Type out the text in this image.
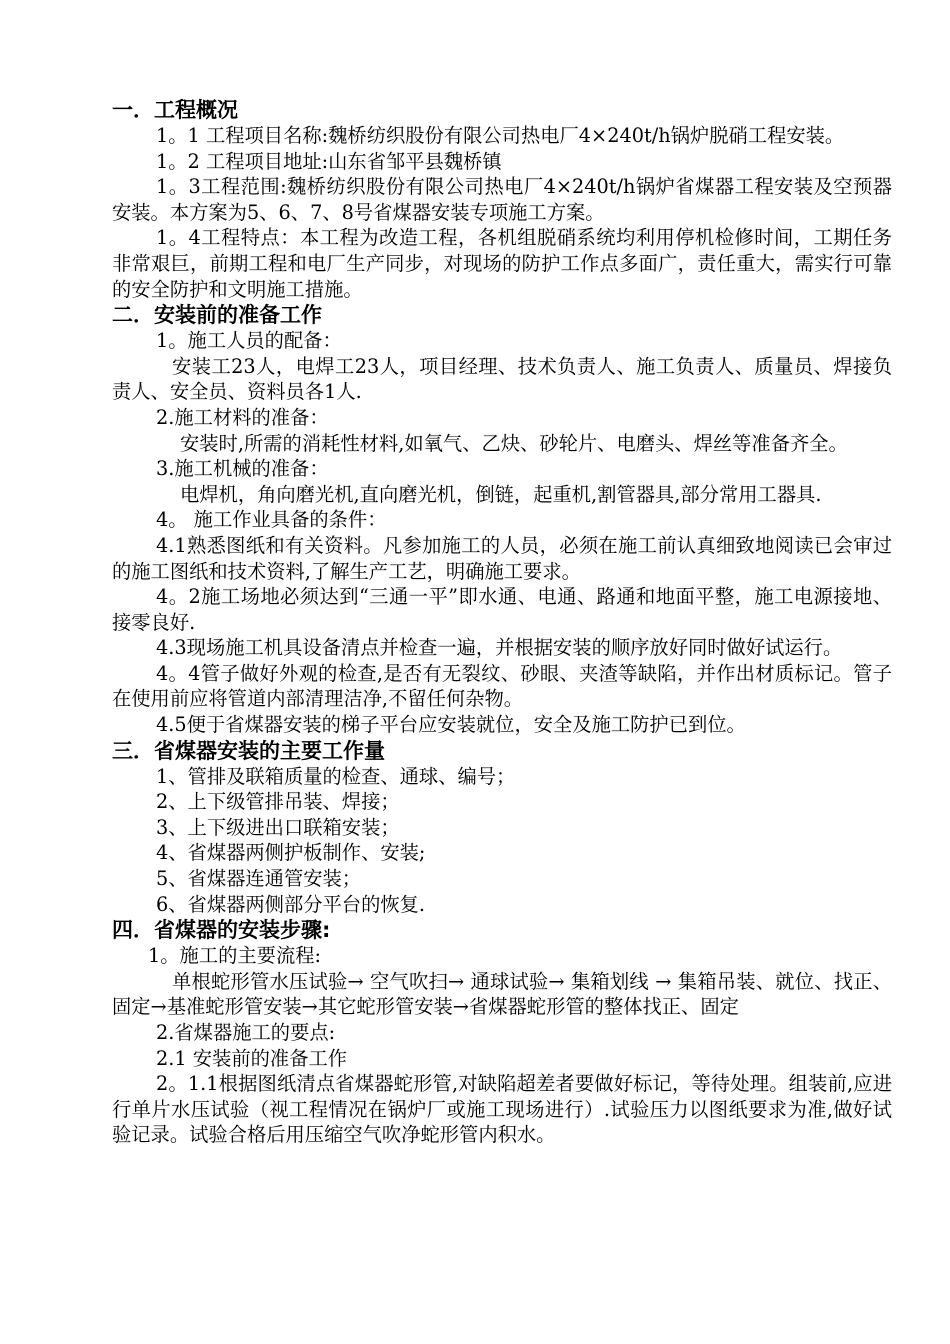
一．工程概况
1。1 工程项目名称:魏桥纺织股份有限公司热电厂4×240t/h锅炉脱硝工程安装。
1。2 工程项目地址:山东省邹平县魏桥镇
1。3工程范围:魏桥纺织股份有限公司热电厂4×240t/h锅炉省煤器工程安装及空预器安装。本方案为5、6、7、8号省煤器安装专项施工方案。
1。4工程特点：本工程为改造工程，各机组脱硝系统均利用停机检修时间，工期任务非常艰巨，前期工程和电厂生产同步，对现场的防护工作点多面广，责任重大，需实行可靠的安全防护和文明施工措施。
二．安装前的准备工作
1。施工人员的配备：
安装工23人，电焊工23人，项目经理、技术负责人、施工负责人、质量员、焊接负责人、安全员、资料员各1人.
2.施工材料的准备：
安装时,所需的消耗性材料,如氧气、乙炔、砂轮片、电磨头、焊丝等准备齐全。
3.施工机械的准备：
电焊机，角向磨光机,直向磨光机，倒链，起重机,割管器具,部分常用工器具.
4。 施工作业具备的条件：
4.1熟悉图纸和有关资料。凡参加施工的人员，必须在施工前认真细致地阅读已会审过的施工图纸和技术资料,了解生产工艺，明确施工要求。
4。2施工场地必须达到“三通一平”即水通、电通、路通和地面平整，施工电源接地、接零良好.
4.3现场施工机具设备清点并检查一遍，并根据安装的顺序放好同时做好试运行。
4。4管子做好外观的检查,是否有无裂纹、砂眼、夹渣等缺陷，并作出材质标记。管子在使用前应将管道内部清理洁净,不留任何杂物。
4.5便于省煤器安装的梯子平台应安装就位，安全及施工防护已到位。
三．省煤器安装的主要工作量
1、管排及联箱质量的检查、通球、编号；
2、上下级管排吊装、焊接；
3、上下级进出口联箱安装；
4、省煤器两侧护板制作、安装;
5、省煤器连通管安装；
6、省煤器两侧部分平台的恢复.
四．省煤器的安装步骤:
1。施工的主要流程:
单根蛇形管水压试验→ 空气吹扫→ 通球试验→ 集箱划线 → 集箱吊装、就位、找正、固定→基准蛇形管安装→其它蛇形管安装→省煤器蛇形管的整体找正、固定
2.省煤器施工的要点:
2.1 安装前的准备工作
2。1.1根据图纸清点省煤器蛇形管,对缺陷超差者要做好标记，等待处理。组装前,应进行单片水压试验（视工程情况在锅炉厂或施工现场进行）.试验压力以图纸要求为准,做好试验记录。试验合格后用压缩空气吹净蛇形管内积水。
